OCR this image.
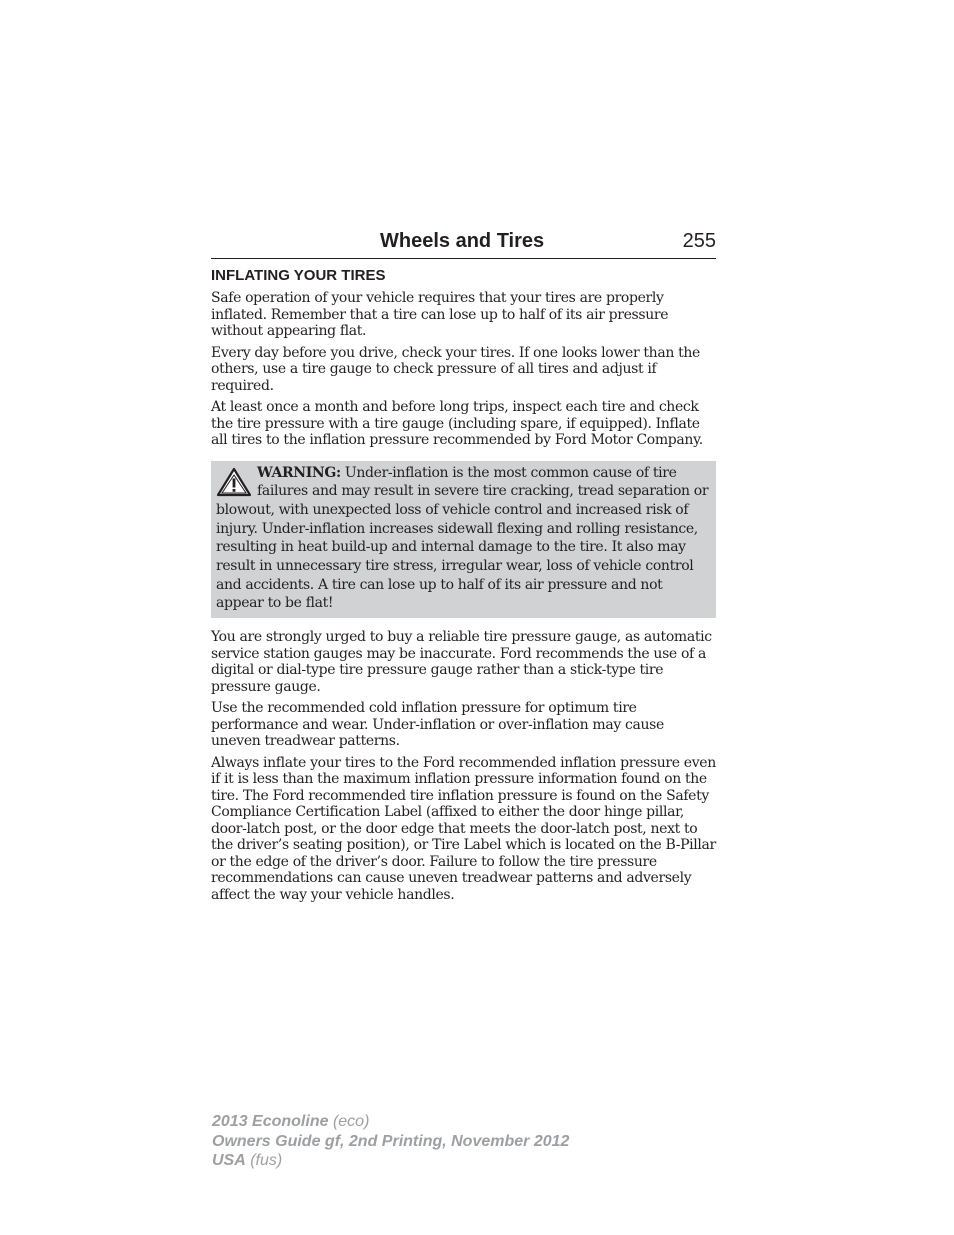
Wheels and Tires	255
INFLATING YOUR TIRES

Safe operation of your vehicle requires that your tires are properly inflated. Remember that a tire can lose up to half of its air pressure without appearing flat.

Every day before you drive, check your tires. If one looks lower than the others, use a tire gauge to check pressure of all tires and adjust if required.

At least once a month and before long trips, inspect each tire and check the tire pressure with a tire gauge (including spare, if equipped). Inflate all tires to the inflation pressure recommended by Ford Motor Company.

WARNING: Under-inflation is the most common cause of tire failures and may result in severe tire cracking, tread separation or blowout, with unexpected loss of vehicle control and increased risk of injury. Under-inflation increases sidewall flexing and rolling resistance, resulting in heat build-up and internal damage to the tire. It also may result in unnecessary tire stress, irregular wear, loss of vehicle control and accidents. A tire can lose up to half of its air pressure and not appear to be flat!

You are strongly urged to buy a reliable tire pressure gauge, as automatic service station gauges may be inaccurate. Ford recommends the use of a digital or dial-type tire pressure gauge rather than a stick-type tire pressure gauge.

Use the recommended cold inflation pressure for optimum tire performance and wear. Under-inflation or over-inflation may cause uneven treadwear patterns.

Always inflate your tires to the Ford recommended inflation pressure even if it is less than the maximum inflation pressure information found on the tire. The Ford recommended tire inflation pressure is found on the Safety Compliance Certification Label (affixed to either the door hinge pillar, door-latch post, or the door edge that meets the door-latch post, next to the driver’s seating position), or Tire Label which is located on the B-Pillar or the edge of the driver’s door. Failure to follow the tire pressure recommendations can cause uneven treadwear patterns and adversely affect the way your vehicle handles.

2013 Econoline (eco)
Owners Guide gf, 2nd Printing, November 2012
USA (fus)
